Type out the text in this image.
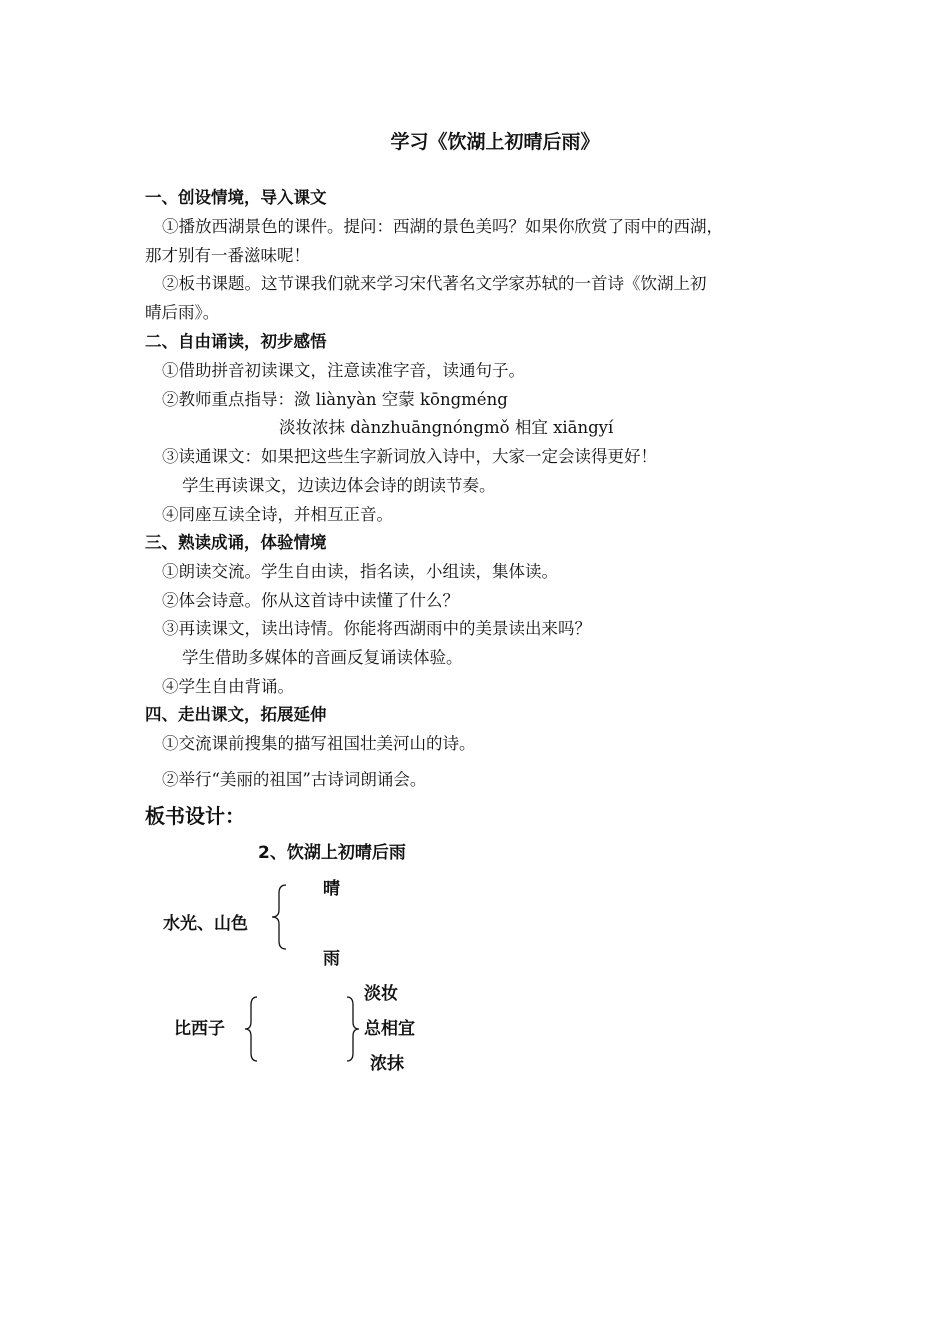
学习《饮湖上初晴后雨》
一、创设情境，导入课文
①播放西湖景色的课件。提问：西湖的景色美吗？如果你欣赏了雨中的西湖，
那才别有一番滋味呢！
②板书课题。这节课我们就来学习宋代著名文学家苏轼的一首诗《饮湖上初
晴后雨》。
二、自由诵读，初步感悟
①借助拼音初读课文，注意读准字音，读通句子。
②教师重点指导：潋 liànyàn 空蒙 kōngméng
淡妆浓抹 dànzhuāngnóngmǒ 相宜 xiāngyí
③读通课文：如果把这些生字新词放入诗中，大家一定会读得更好！
学生再读课文，边读边体会诗的朗读节奏。
④同座互读全诗，并相互正音。
三、熟读成诵，体验情境
①朗读交流。学生自由读，指名读，小组读，集体读。
②体会诗意。你从这首诗中读懂了什么？
③再读课文，读出诗情。你能将西湖雨中的美景读出来吗？
学生借助多媒体的音画反复诵读体验。
④学生自由背诵。
四、走出课文，拓展延伸
①交流课前搜集的描写祖国壮美河山的诗。
②举行“美丽的祖国”古诗词朗诵会。
板书设计：
2、饮湖上初晴后雨
晴
水光、山色
雨
淡妆
比西子	总相宜
浓抹
